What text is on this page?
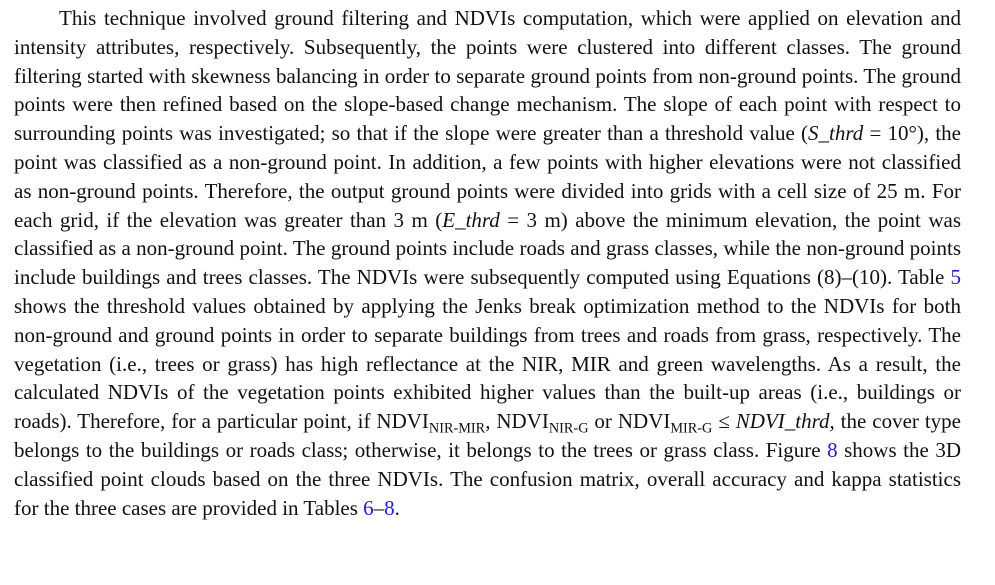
This technique involved ground filtering and NDVIs computation, which were applied on elevation and intensity attributes, respectively. Subsequently, the points were clustered into different classes. The ground filtering started with skewness balancing in order to separate ground points from non-ground points. The ground points were then refined based on the slope-based change mechanism. The slope of each point with respect to surrounding points was investigated; so that if the slope were greater than a threshold value (S_thrd = 10°), the point was classified as a non-ground point. In addition, a few points with higher elevations were not classified as non-ground points. Therefore, the output ground points were divided into grids with a cell size of 25 m. For each grid, if the elevation was greater than 3 m (E_thrd = 3 m) above the minimum elevation, the point was classified as a non-ground point. The ground points include roads and grass classes, while the non-ground points include buildings and trees classes. The NDVIs were subsequently computed using Equations (8)–(10). Table 5 shows the threshold values obtained by applying the Jenks break optimization method to the NDVIs for both non-ground and ground points in order to separate buildings from trees and roads from grass, respectively. The vegetation (i.e., trees or grass) has high reflectance at the NIR, MIR and green wavelengths. As a result, the calculated NDVIs of the vegetation points exhibited higher values than the built-up areas (i.e., buildings or roads). Therefore, for a particular point, if $NDVI_{NIR-MIR}$, $NDVI_{NIR-G}$ or $NDVI_{MIR-G}$ ≤ NDVI_thrd, the cover type belongs to the buildings or roads class; otherwise, it belongs to the trees or grass class. Figure 8 shows the 3D classified point clouds based on the three NDVIs. The confusion matrix, overall accuracy and kappa statistics for the three cases are provided in Tables 6–8.
